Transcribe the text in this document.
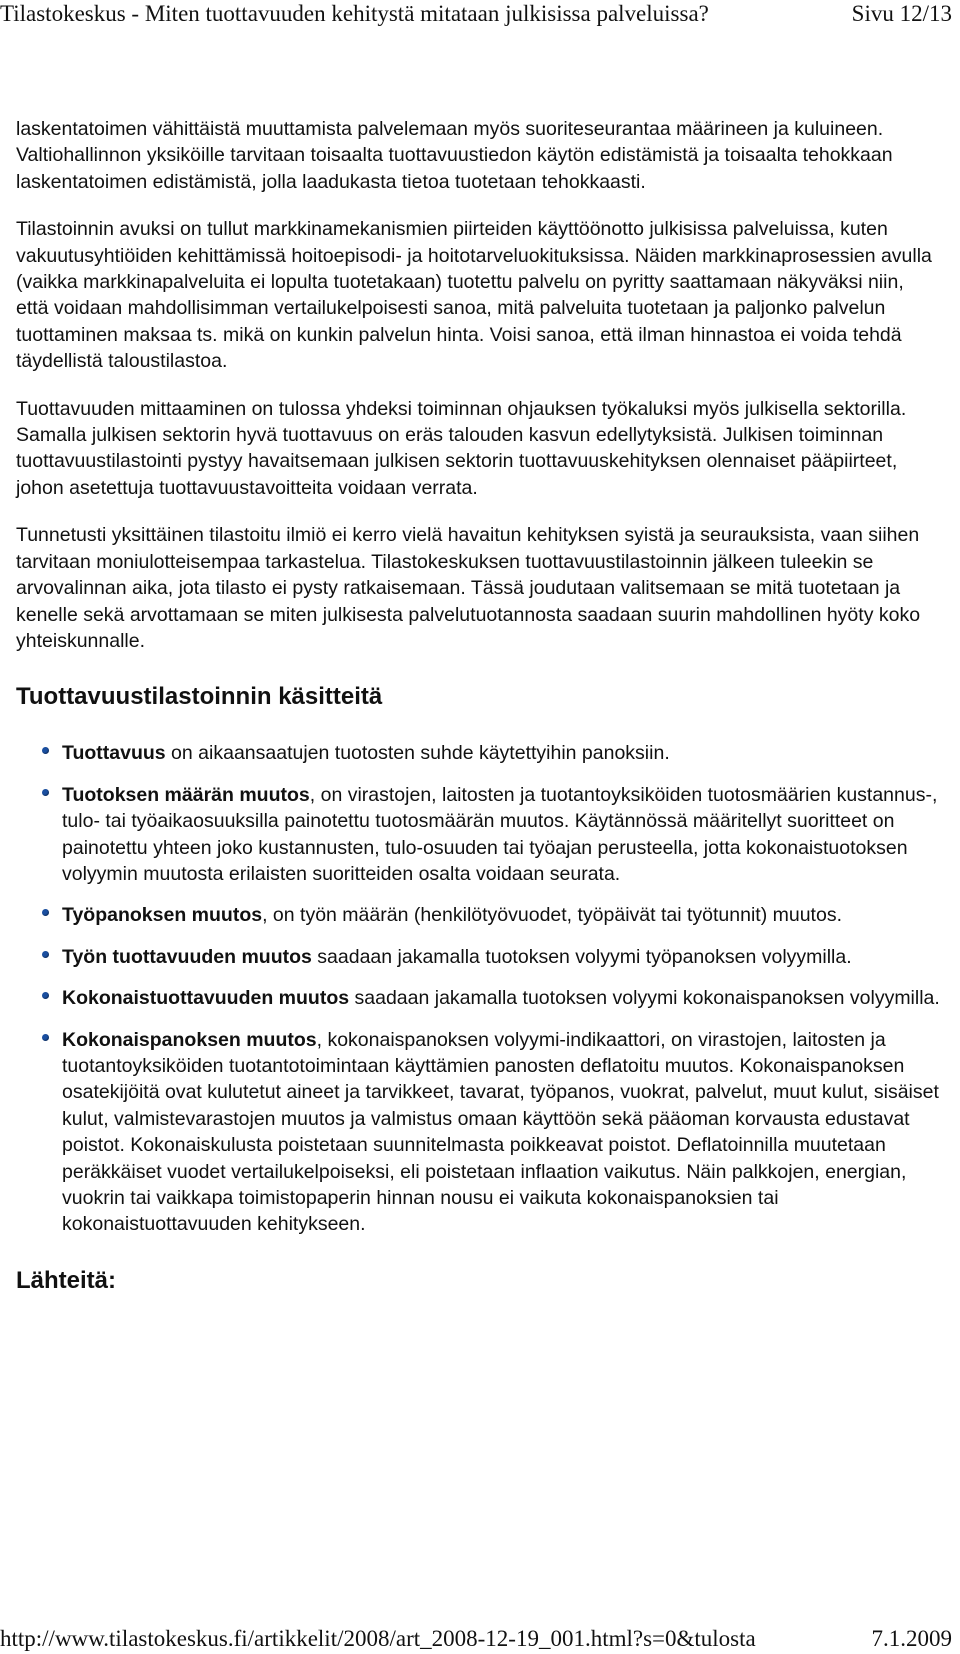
Tilastokeskus - Miten tuottavuuden kehitystä mitataan julkisissa palveluissa?	Sivu 12/13

laskentatoimen vähittäistä muuttamista palvelemaan myös suoriteseurantaa määrineen ja kuluineen. Valtiohallinnon yksiköille tarvitaan toisaalta tuottavuustiedon käytön edistämistä ja toisaalta tehokkaan laskentatoimen edistämistä, jolla laadukasta tietoa tuotetaan tehokkaasti.

Tilastoinnin avuksi on tullut markkinamekanismien piirteiden käyttöönotto julkisissa palveluissa, kuten vakuutusyhtiöiden kehittämissä hoitoepisodi- ja hoitotarveluokituksissa. Näiden markkinaprosessien avulla (vaikka markkinapalveluita ei lopulta tuotetakaan) tuotettu palvelu on pyritty saattamaan näkyväksi niin, että voidaan mahdollisimman vertailukelpoisesti sanoa, mitä palveluita tuotetaan ja paljonko palvelun tuottaminen maksaa ts. mikä on kunkin palvelun hinta. Voisi sanoa, että ilman hinnastoa ei voida tehdä täydellistä taloustilastoa.

Tuottavuuden mittaaminen on tulossa yhdeksi toiminnan ohjauksen työkaluksi myös julkisella sektorilla. Samalla julkisen sektorin hyvä tuottavuus on eräs talouden kasvun edellytyksistä. Julkisen toiminnan tuottavuustilastointi pystyy havaitsemaan julkisen sektorin tuottavuuskehityksen olennaiset pääpiirteet, johon asetettuja tuottavuustavoitteita voidaan verrata.

Tunnetusti yksittäinen tilastoitu ilmiö ei kerro vielä havaitun kehityksen syistä ja seurauksista, vaan siihen tarvitaan moniulotteisempaa tarkastelua. Tilastokeskuksen tuottavuustilastoinnin jälkeen tuleekin se arvovalinnan aika, jota tilasto ei pysty ratkaisemaan. Tässä joudutaan valitsemaan se mitä tuotetaan ja kenelle sekä arvottamaan se miten julkisesta palvelutuotannosta saadaan suurin mahdollinen hyöty koko yhteiskunnalle.

Tuottavuustilastoinnin käsitteitä
Tuottavuus on aikaansaatujen tuotosten suhde käytettyihin panoksiin.
Tuotoksen määrän muutos, on virastojen, laitosten ja tuotantoyksiköiden tuotosmäärien kustannus-, tulo- tai työaikaosuuksilla painotettu tuotosmäärän muutos. Käytännössä määritellyt suoritteet on painotettu yhteen joko kustannusten, tulo-osuuden tai työajan perusteella, jotta kokonaistuotoksen volyymin muutosta erilaisten suoritteiden osalta voidaan seurata.
Työpanoksen muutos, on työn määrän (henkilötyövuodet, työpäivät tai työtunnit) muutos.
Työn tuottavuuden muutos saadaan jakamalla tuotoksen volyymi työpanoksen volyymilla.
Kokonaistuottavuuden muutos saadaan jakamalla tuotoksen volyymi kokonaispanoksen volyymilla.
Kokonaispanoksen muutos, kokonaispanoksen volyymi-indikaattori, on virastojen, laitosten ja tuotantoyksiköiden tuotantotoimintaan käyttämien panosten deflatoitu muutos. Kokonaispanoksen osatekijöitä ovat kulutetut aineet ja tarvikkeet, tavarat, työpanos, vuokrat, palvelut, muut kulut, sisäiset kulut, valmistevarastojen muutos ja valmistus omaan käyttöön sekä pääoman korvausta edustavat poistot. Kokonaiskulusta poistetaan suunnitelmasta poikkeavat poistot. Deflatoinnilla muutetaan peräkkäiset vuodet vertailukelpoiseksi, eli poistetaan inflaation vaikutus. Näin palkkojen, energian, vuokrin tai vaikkapa toimistopaperin hinnan nousu ei vaikuta kokonaispanoksien tai kokonaistuottavuuden kehitykseen.
Lähteitä:
http://www.tilastokeskus.fi/artikkelit/2008/art_2008-12-19_001.html?s=0&tulosta	7.1.2009
